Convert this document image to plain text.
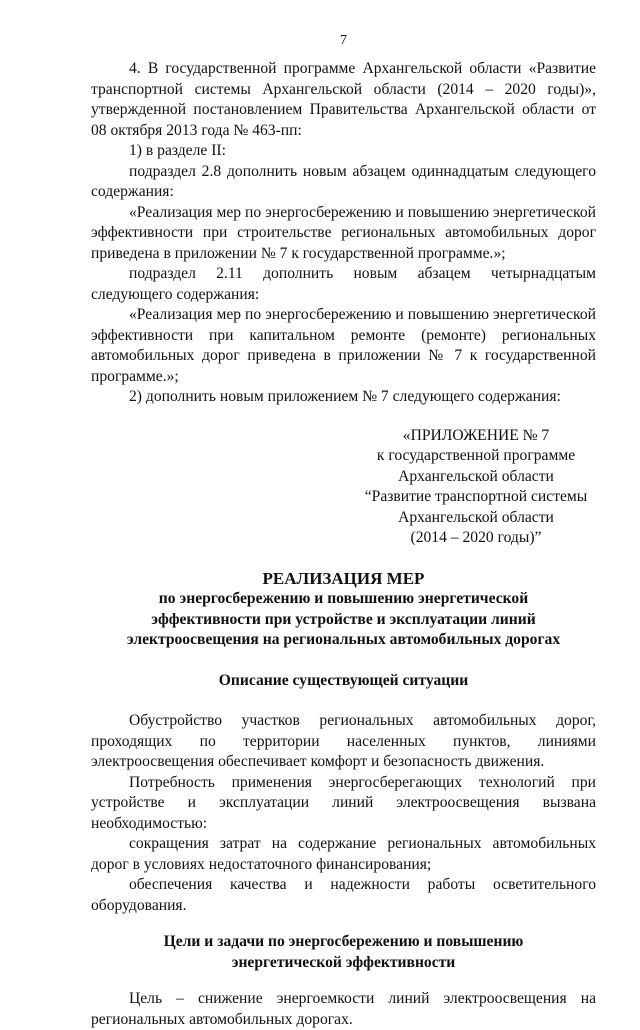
7

4. В государственной программе Архангельской области «Развитие транспортной системы Архангельской области (2014 – 2020 годы)», утвержденной постановлением Правительства Архангельской области от 08 октября 2013 года № 463-пп:

1) в разделе II:

подраздел 2.8 дополнить новым абзацем одиннадцатым следующего содержания:

«Реализация мер по энергосбережению и повышению энергетической эффективности при строительстве региональных автомобильных дорог приведена в приложении № 7 к государственной программе.»;

подраздел 2.11 дополнить новым абзацем четырнадцатым следующего содержания:

«Реализация мер по энергосбережению и повышению энергетической эффективности при капитальном ремонте (ремонте) региональных автомобильных дорог приведена в приложении № 7 к государственной программе.»;

2) дополнить новым приложением № 7 следующего содержания:

«ПРИЛОЖЕНИЕ № 7
к государственной программе
Архангельской области
“Развитие транспортной системы
Архангельской области
(2014 – 2020 годы)”
РЕАЛИЗАЦИЯ МЕР
по энергосбережению и повышению энергетической
эффективности при устройстве и эксплуатации линий
электроосвещения на региональных автомобильных дорогах
Описание существующей ситуации

Обустройство участков региональных автомобильных дорог, проходящих по территории населенных пунктов, линиями электроосвещения обеспечивает комфорт и безопасность движения.

Потребность применения энергосберегающих технологий при устройстве и эксплуатации линий электроосвещения вызвана необходимостью:

сокращения затрат на содержание региональных автомобильных дорог в условиях недостаточного финансирования;

обеспечения качества и надежности работы осветительного оборудования.

Цели и задачи по энергосбережению и повышению
энергетической эффективности

Цель – снижение энергоемкости линий электроосвещения на региональных автомобильных дорогах.
